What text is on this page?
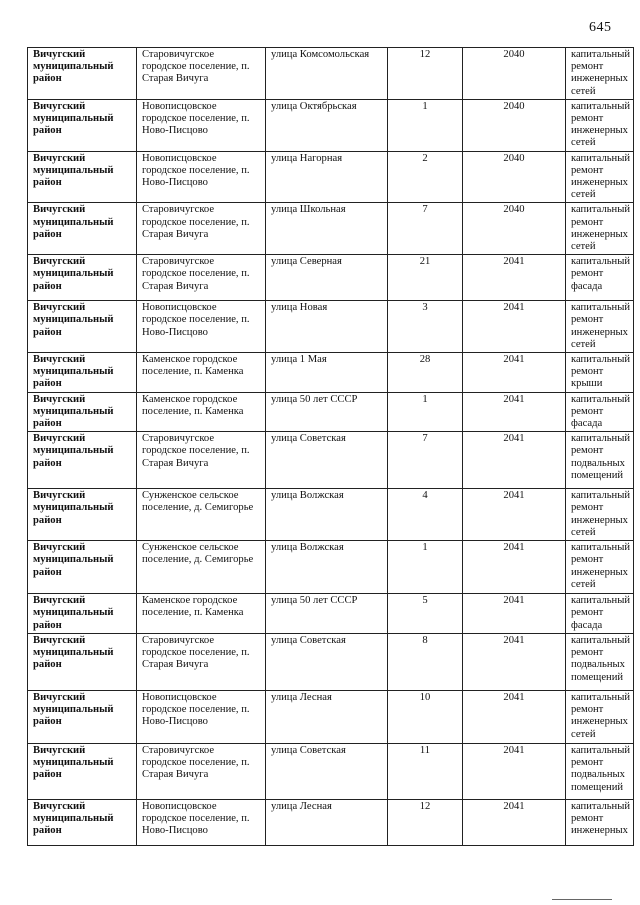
645
Вичугский муниципальный район	Старовичугское городское поселение, п. Старая Вичуга	улица Комсомольская	12	2040	капитальный ремонт инженерных сетей
Вичугский муниципальный район	Новописцовское городское поселение, п. Ново-Писцово	улица Октябрьская	1	2040	капитальный ремонт инженерных сетей
Вичугский муниципальный район	Новописцовское городское поселение, п. Ново-Писцово	улица Нагорная	2	2040	капитальный ремонт инженерных сетей
Вичугский муниципальный район	Старовичугское городское поселение, п. Старая Вичуга	улица Школьная	7	2040	капитальный ремонт инженерных сетей
Вичугский муниципальный район	Старовичугское городское поселение, п. Старая Вичуга	улица Северная	21	2041	капитальный ремонт фасада
Вичугский муниципальный район	Новописцовское городское поселение, п. Ново-Писцово	улица Новая	3	2041	капитальный ремонт инженерных сетей
Вичугский муниципальный район	Каменское городское поселение, п. Каменка	улица 1 Мая	28	2041	капитальный ремонт крыши
Вичугский муниципальный район	Каменское городское поселение, п. Каменка	улица 50 лет СССР	1	2041	капитальный ремонт фасада
Вичугский муниципальный район	Старовичугское городское поселение, п. Старая Вичуга	улица Советская	7	2041	капитальный ремонт подвальных помещений
Вичугский муниципальный район	Сунженское сельское поселение, д. Семигорье	улица Волжская	4	2041	капитальный ремонт инженерных сетей
Вичугский муниципальный район	Сунженское сельское поселение, д. Семигорье	улица Волжская	1	2041	капитальный ремонт инженерных сетей
Вичугский муниципальный район	Каменское городское поселение, п. Каменка	улица 50 лет СССР	5	2041	капитальный ремонт фасада
Вичугский муниципальный район	Старовичугское городское поселение, п. Старая Вичуга	улица Советская	8	2041	капитальный ремонт подвальных помещений
Вичугский муниципальный район	Новописцовское городское поселение, п. Ново-Писцово	улица Лесная	10	2041	капитальный ремонт инженерных сетей
Вичугский муниципальный район	Старовичугское городское поселение, п. Старая Вичуга	улица Советская	11	2041	капитальный ремонт подвальных помещений
Вичугский муниципальный район	Новописцовское городское поселение, п. Ново-Писцово	улица Лесная	12	2041	капитальный ремонт инженерных
